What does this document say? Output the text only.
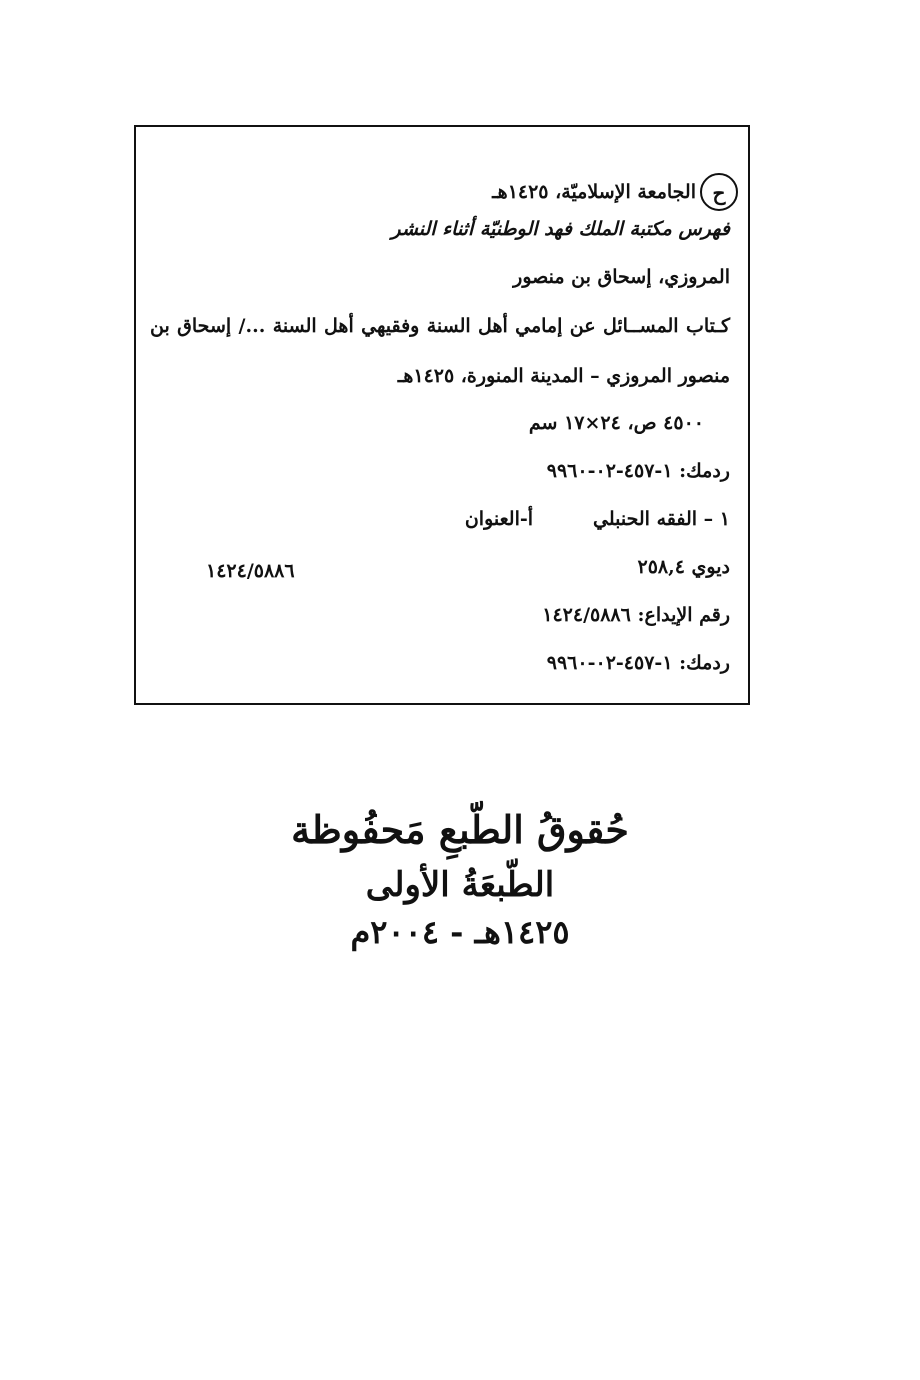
حالجامعة الإسلاميّة، ١٤٢٥هـ
فهرس مكتبة الملك فهد الوطنيّة أثناء النشر
المروزي، إسحاق بن منصور
كـتاب المســائل عن إمامي أهل السنة وفقيهي أهل السنة .../ إسحاق بن منصور المروزي – المدينة المنورة، ١٤٢٥هـ
٤٥٠٠ ص، ٢٤×١٧ سم
ردمك: ١-٤٥٧-٠٢-٩٩٦٠
١ – الفقه الحنبليأ-العنوان
ديوي ٢٥٨,٤
١٤٢٤/٥٨٨٦
رقم الإيداع: ١٤٢٤/٥٨٨٦
ردمك: ١-٤٥٧-٠٢-٩٩٦٠
حُقوقُ الطّبعِ مَحفُوظة
الطّبعَةُ الأولى
١٤٢٥هـ - ٢٠٠٤م
